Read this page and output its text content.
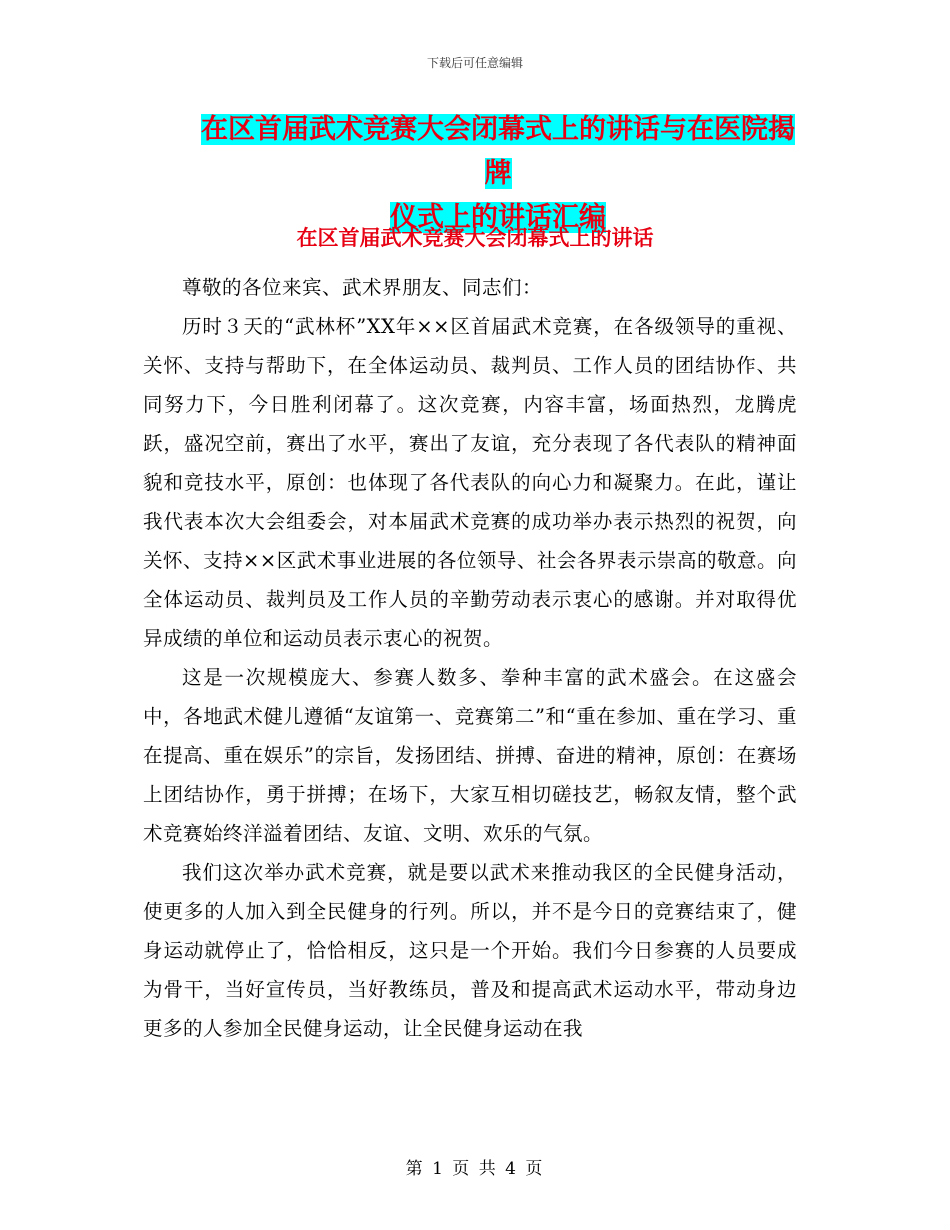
下载后可任意编辑
在区首届武术竞赛大会闭幕式上的讲话与在医院揭牌
仪式上的讲话汇编
在区首届武术竞赛大会闭幕式上的讲话

尊敬的各位来宾、武术界朋友、同志们：

历时３天的“武林杯”XX年××区首届武术竞赛，在各级领导的重视、关怀、支持与帮助下，在全体运动员、裁判员、工作人员的团结协作、共同努力下，今日胜利闭幕了。这次竞赛，内容丰富，场面热烈，龙腾虎跃，盛况空前，赛出了水平，赛出了友谊，充分表现了各代表队的精神面貌和竞技水平，原创：也体现了各代表队的向心力和凝聚力。在此，谨让我代表本次大会组委会，对本届武术竞赛的成功举办表示热烈的祝贺，向关怀、支持××区武术事业进展的各位领导、社会各界表示崇高的敬意。向全体运动员、裁判员及工作人员的辛勤劳动表示衷心的感谢。并对取得优异成绩的单位和运动员表示衷心的祝贺。

这是一次规模庞大、参赛人数多、拳种丰富的武术盛会。在这盛会中，各地武术健儿遵循“友谊第一、竞赛第二”和“重在参加、重在学习、重在提高、重在娱乐”的宗旨，发扬团结、拼搏、奋进的精神，原创：在赛场上团结协作，勇于拼搏；在场下，大家互相切磋技艺，畅叙友情，整个武术竞赛始终洋溢着团结、友谊、文明、欢乐的气氛。

我们这次举办武术竞赛，就是要以武术来推动我区的全民健身活动，使更多的人加入到全民健身的行列。所以，并不是今日的竞赛结束了，健身运动就停止了，恰恰相反，这只是一个开始。我们今日参赛的人员要成为骨干，当好宣传员，当好教练员，普及和提高武术运动水平，带动身边更多的人参加全民健身运动，让全民健身运动在我

第 1 页 共 4 页
